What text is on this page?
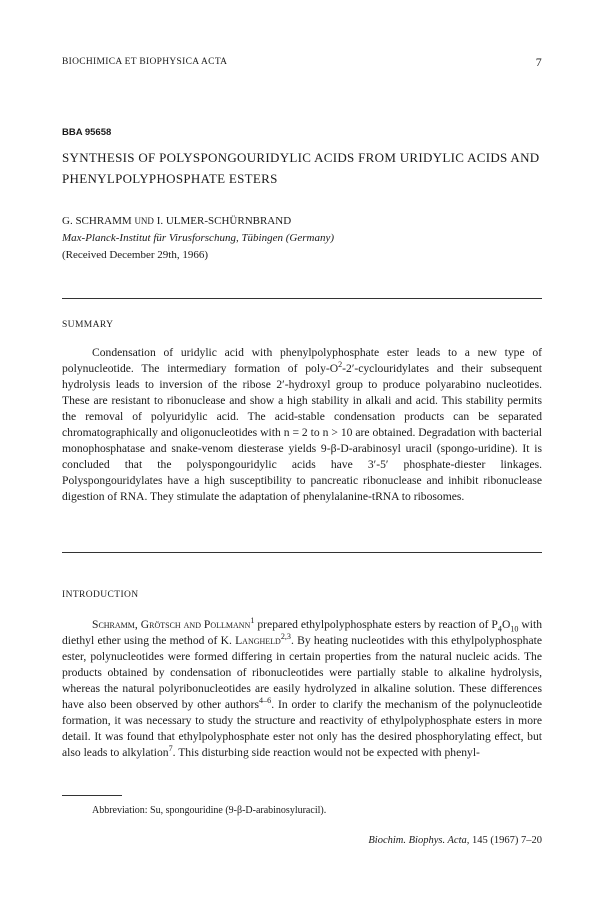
BIOCHIMICA ET BIOPHYSICA ACTA	7
BBA 95658
SYNTHESIS OF POLYSPONGOURIDYLIC ACIDS FROM URIDYLIC ACIDS AND PHENYLPOLYPHOSPHATE ESTERS
G. SCHRAMM UND I. ULMER-SCHÜRNBRAND
Max-Planck-Institut für Virusforschung, Tübingen (Germany)
(Received December 29th, 1966)
SUMMARY

Condensation of uridylic acid with phenylpolyphosphate ester leads to a new type of polynucleotide. The intermediary formation of poly-$O^2-2'$-cyclouridylates and their subsequent hydrolysis leads to inversion of the ribose 2′-hydroxyl group to produce polyarabino nucleotides. These are resistant to ribonuclease and show a high stability in alkali and acid. This stability permits the removal of polyuridylic acid. The acid-stable condensation products can be separated chromatographically and oligonucleotides with n = 2 to n > 10 are obtained. Degradation with bacterial monophosphatase and snake-venom diesterase yields 9-β-D-arabinosyl uracil (spongo-uridine). It is concluded that the polyspongouridylic acids have 3′-5′ phosphate-diester linkages. Polyspongouridylates have a high susceptibility to pancreatic ribonuclease and inhibit ribonuclease digestion of RNA. They stimulate the adaptation of phenylalanine-tRNA to ribosomes.

INTRODUCTION

Schramm, Grötsch and Pollmann$^1$ prepared ethylpolyphosphate esters by reaction of $P_4O_{10}$ with diethyl ether using the method of K. Langheld$^{2,3}$. By heating nucleotides with this ethylpolyphosphate ester, polynucleotides were formed differing in certain properties from the natural nucleic acids. The products obtained by condensation of ribonucleotides were partially stable to alkaline hydrolysis, whereas the natural polyribonucleotides are easily hydrolyzed in alkaline solution. These differences have also been observed by other authors$^{4-6}$. In order to clarify the mechanism of the polynucleotide formation, it was necessary to study the structure and reactivity of ethylpolyphosphate esters in more detail. It was found that ethylpolyphosphate ester not only has the desired phosphorylating effect, but also leads to alkylation$^7$. This disturbing side reaction would not be expected with phenyl-

Abbreviation: Su, spongouridine (9-β-D-arabinosyluracil).
Biochim. Biophys. Acta, 145 (1967) 7–20
